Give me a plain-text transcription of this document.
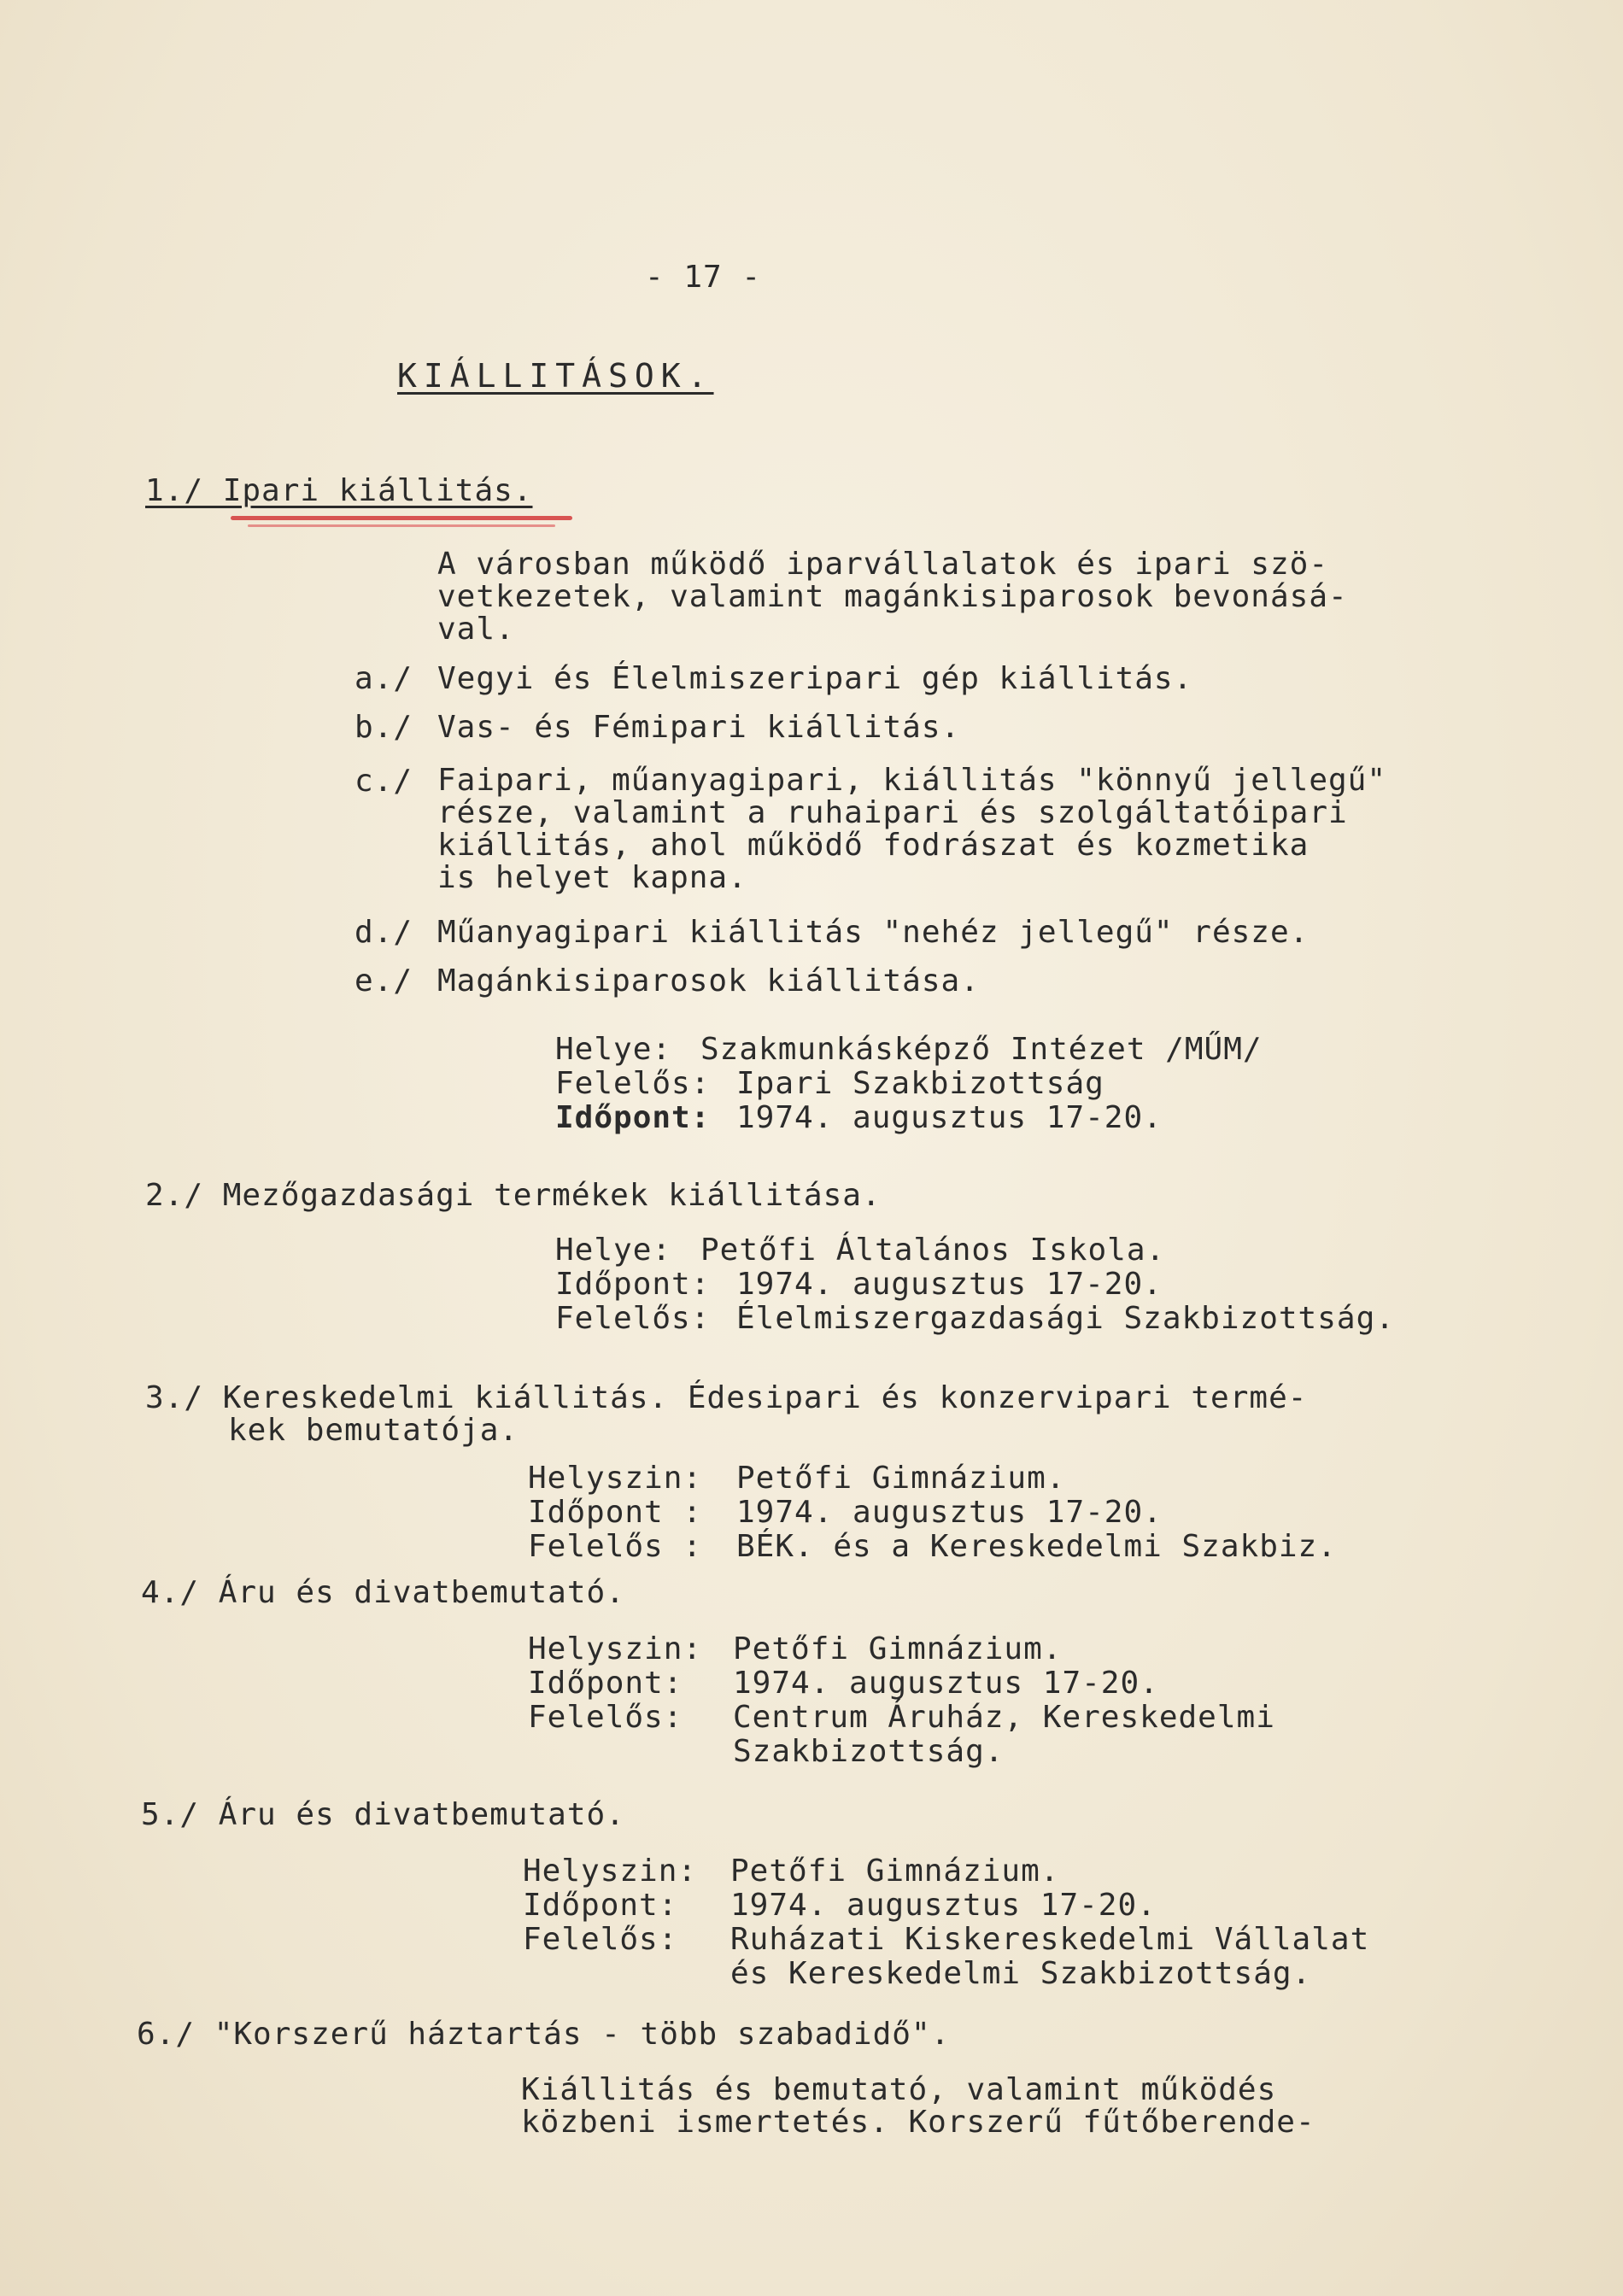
- 17 -
KIÁLLITÁSOK.
1./ Ipari kiállitás.
A városban működő iparvállalatok és ipari szö-
vetkezetek, valamint magánkisiparosok bevonásá-
val.
a./ Vegyi és Élelmiszeripari gép kiállitás.
b./ Vas- és Fémipari kiállitás.
c./ Faipari, műanyagipari, kiállitás "könnyű jellegű"
része, valamint a ruhaipari és szolgáltatóipari
kiállitás, ahol működő fodrászat és kozmetika
is helyet kapna.
d./ Műanyagipari kiállitás "nehéz jellegű" része.
e./ Magánkisiparosok kiállitása.
Helye: Szakmunkásképző Intézet /MŰM/
Felelős: Ipari Szakbizottság
Időpont: 1974. augusztus 17-20.
2./ Mezőgazdasági termékek kiállitása.
Helye: Petőfi Általános Iskola.
Időpont: 1974. augusztus 17-20.
Felelős: Élelmiszergazdasági Szakbizottság.
3./ Kereskedelmi kiállitás. Édesipari és konzervipari termé-
kek bemutatója.
Helyszin: Petőfi Gimnázium.
Időpont : 1974. augusztus 17-20.
Felelős : BÉK. és a Kereskedelmi Szakbiz.
4./ Áru és divatbemutató.
Helyszin: Petőfi Gimnázium.
Időpont: 1974. augusztus 17-20.
Felelős: Centrum Áruház, Kereskedelmi
Szakbizottság.
5./ Áru és divatbemutató.
Helyszin: Petőfi Gimnázium.
Időpont: 1974. augusztus 17-20.
Felelős: Ruházati Kiskereskedelmi Vállalat
és Kereskedelmi Szakbizottság.
6./ "Korszerű háztartás - több szabadidő".
Kiállitás és bemutató, valamint működés
közbeni ismertetés. Korszerű fűtőberende-
